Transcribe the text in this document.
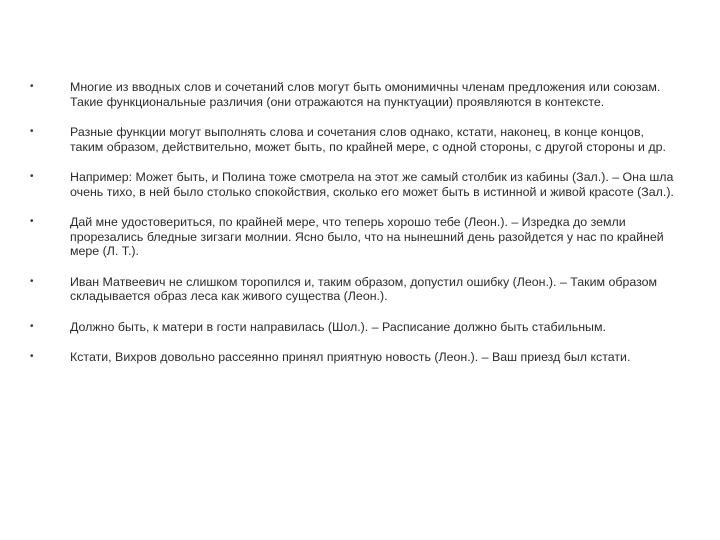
•	Многие из вводных слов и сочетаний слов могут быть омонимичны членам предложения или союзам. Такие функциональные различия (они отражаются на пунктуации) проявляются в контексте.
•	Разные функции могут выполнять слова и сочетания слов однако, кстати, наконец, в конце концов, таким образом, действительно, может быть, по крайней мере, с одной стороны, с другой стороны и др.
•	Например: Может быть, и Полина тоже смотрела на этот же самый столбик из кабины (Зал.). – Она шла очень тихо, в ней было столько спокойствия, сколько его может быть в истинной и живой красоте (Зал.).
•	Дай мне удостовериться, по крайней мере, что теперь хорошо тебе (Леон.). – Изредка до земли прорезались бледные зигзаги молнии. Ясно было, что на нынешний день разойдется у нас по крайней мере (Л. Т.).
•	Иван Матвеевич не слишком торопился и, таким образом, допустил ошибку (Леон.). – Таким образом складывается образ леса как живого существа (Леон.).
•	Должно быть, к матери в гости направилась (Шол.). – Расписание должно быть стабильным.
•	Кстати, Вихров довольно рассеянно принял приятную новость (Леон.). – Ваш приезд был кстати.
